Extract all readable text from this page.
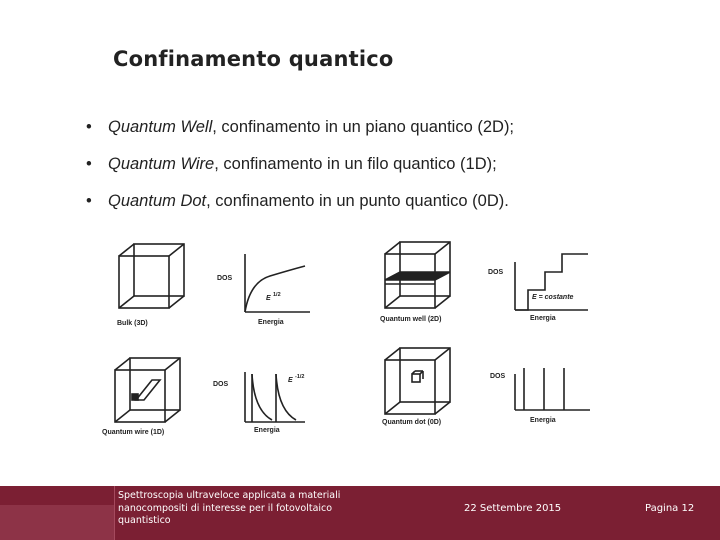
Confinamento quantico
• Quantum Well, confinamento in un piano quantico (2D);
• Quantum Wire, confinamento in un filo quantico (1D);
• Quantum Dot, confinamento in un punto quantico (0D).
Bulk (3D)
DOS
Energia
E 1/2
Quantum well (2D)
DOS
Energia
E = costante
Quantum wire (1D)
DOS
Energia
E -1/2
Quantum dot (0D)
DOS
Energia
Spettroscopia ultraveloce applicata a materiali nanocompositi di interesse per il fotovoltaico quantistico
22 Settembre 2015	Pagina 12
